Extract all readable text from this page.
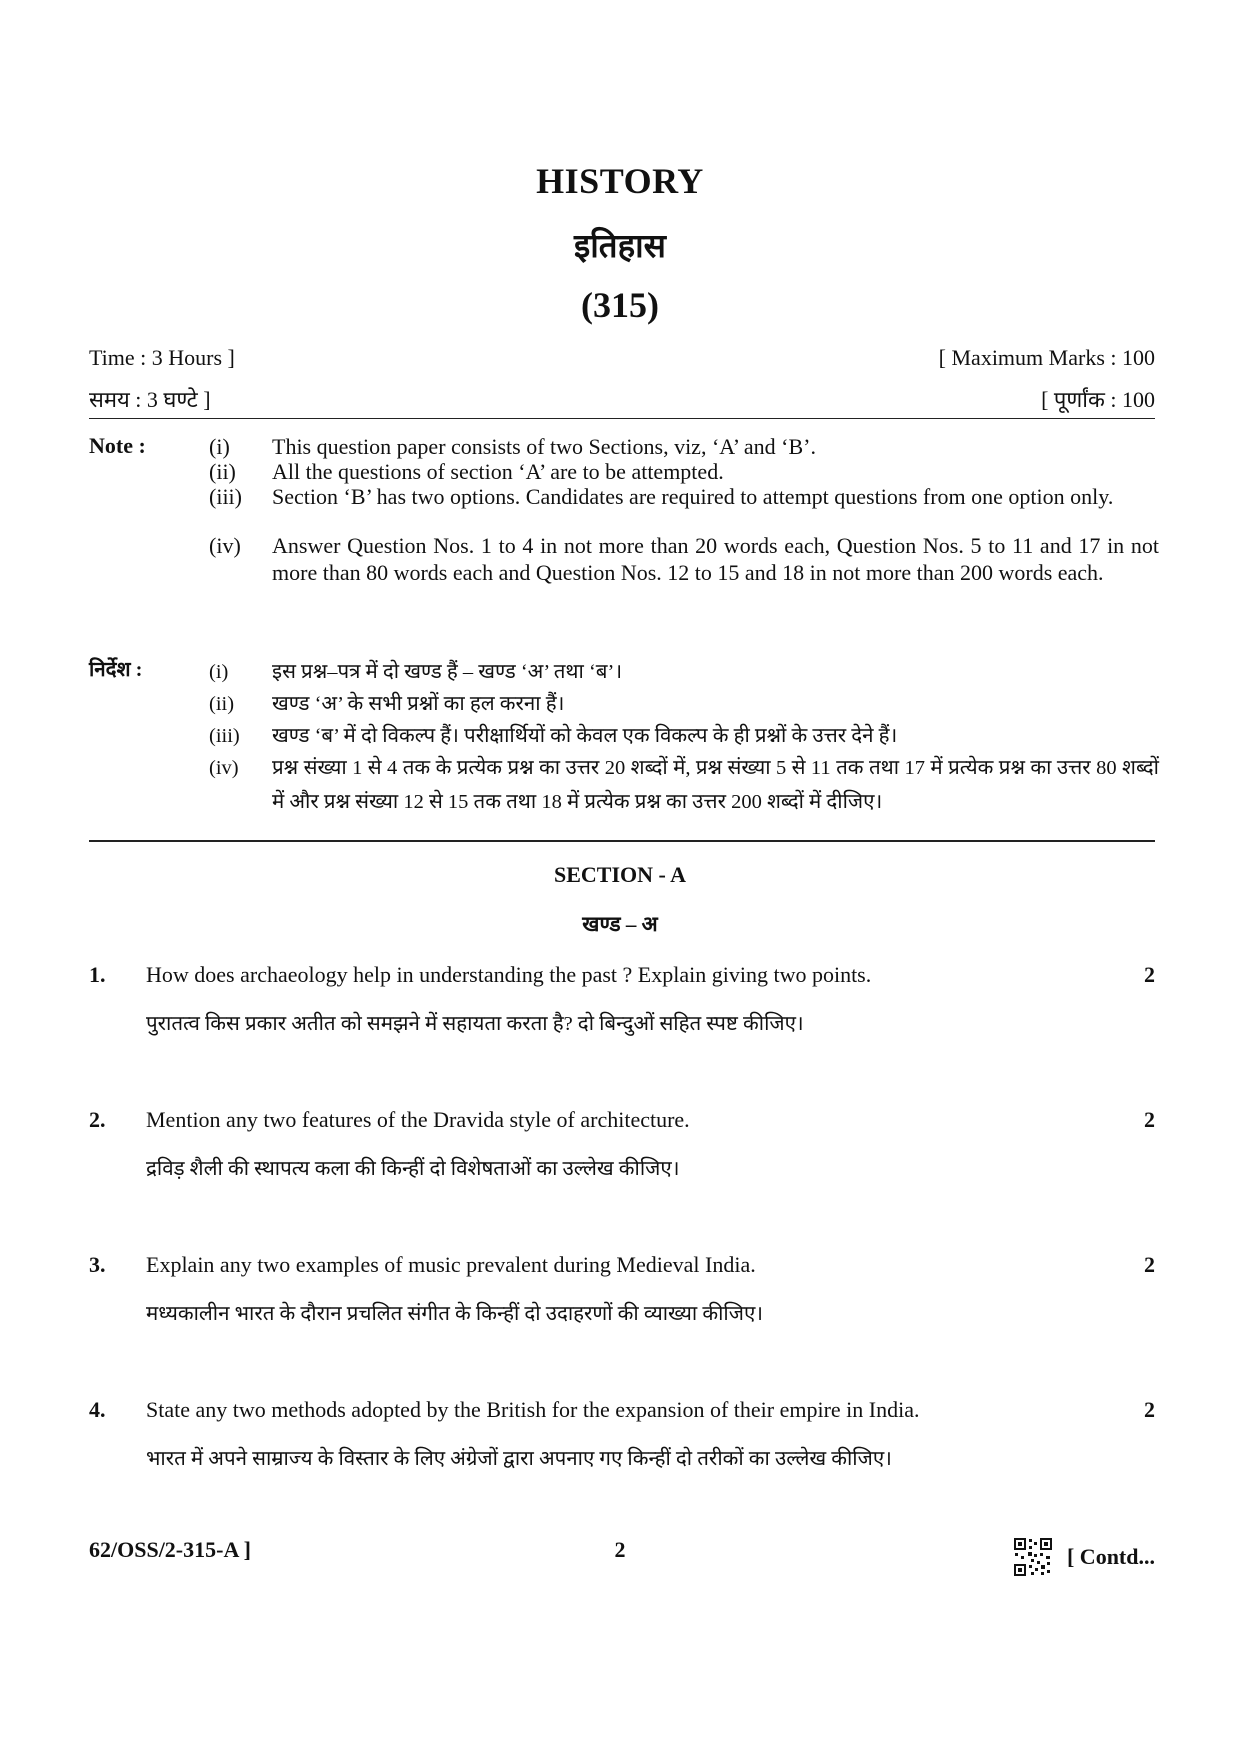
HISTORY
इतिहास
(315)
Time : 3 Hours ]	[ Maximum Marks : 100
समय : 3 घण्टे ]	[ पूर्णांक : 100
Note :	(i)	This question paper consists of two Sections, viz, ‘A’ and ‘B’.
(ii)	All the questions of section ‘A’ are to be attempted.
(iii)	Section ‘B’ has two options. Candidates are required to attempt questions from one option only.
(iv)	Answer Question Nos. 1 to 4 in not more than 20 words each, Question Nos. 5 to 11 and 17 in not more than 80 words each and Question Nos. 12 to 15 and 18 in not more than 200 words each.
निर्देश :	(i)	इस प्रश्न–पत्र में दो खण्ड हैं – खण्ड ‘अ’ तथा ‘ब’।
(ii)	खण्ड ‘अ’ के सभी प्रश्नों का हल करना हैं।
(iii)	खण्ड ‘ब’ में दो विकल्प हैं। परीक्षार्थियों को केवल एक विकल्प के ही प्रश्नों के उत्तर देने हैं।
(iv)	प्रश्न संख्या 1 से 4 तक के प्रत्येक प्रश्न का उत्तर 20 शब्दों में, प्रश्न संख्या 5 से 11 तक तथा 17 में प्रत्येक प्रश्न का उत्तर 80 शब्दों में और प्रश्न संख्या 12 से 15 तक तथा 18 में प्रत्येक प्रश्न का उत्तर 200 शब्दों में दीजिए।
SECTION - A
खण्ड – अ
1. How does archaeology help in understanding the past ? Explain giving two points.	2
पुरातत्व किस प्रकार अतीत को समझने में सहायता करता है? दो बिन्दुओं सहित स्पष्ट कीजिए।
2. Mention any two features of the Dravida style of architecture.	2
द्रविड़ शैली की स्थापत्य कला की किन्हीं दो विशेषताओं का उल्लेख कीजिए।
3. Explain any two examples of music prevalent during Medieval India.	2
मध्यकालीन भारत के दौरान प्रचलित संगीत के किन्हीं दो उदाहरणों की व्याख्या कीजिए।
4. State any two methods adopted by the British for the expansion of their empire in India.	2
भारत में अपने साम्राज्य के विस्तार के लिए अंग्रेजों द्वारा अपनाए गए किन्हीं दो तरीकों का उल्लेख कीजिए।
62/OSS/2-315-A ]	2	[ Contd...
